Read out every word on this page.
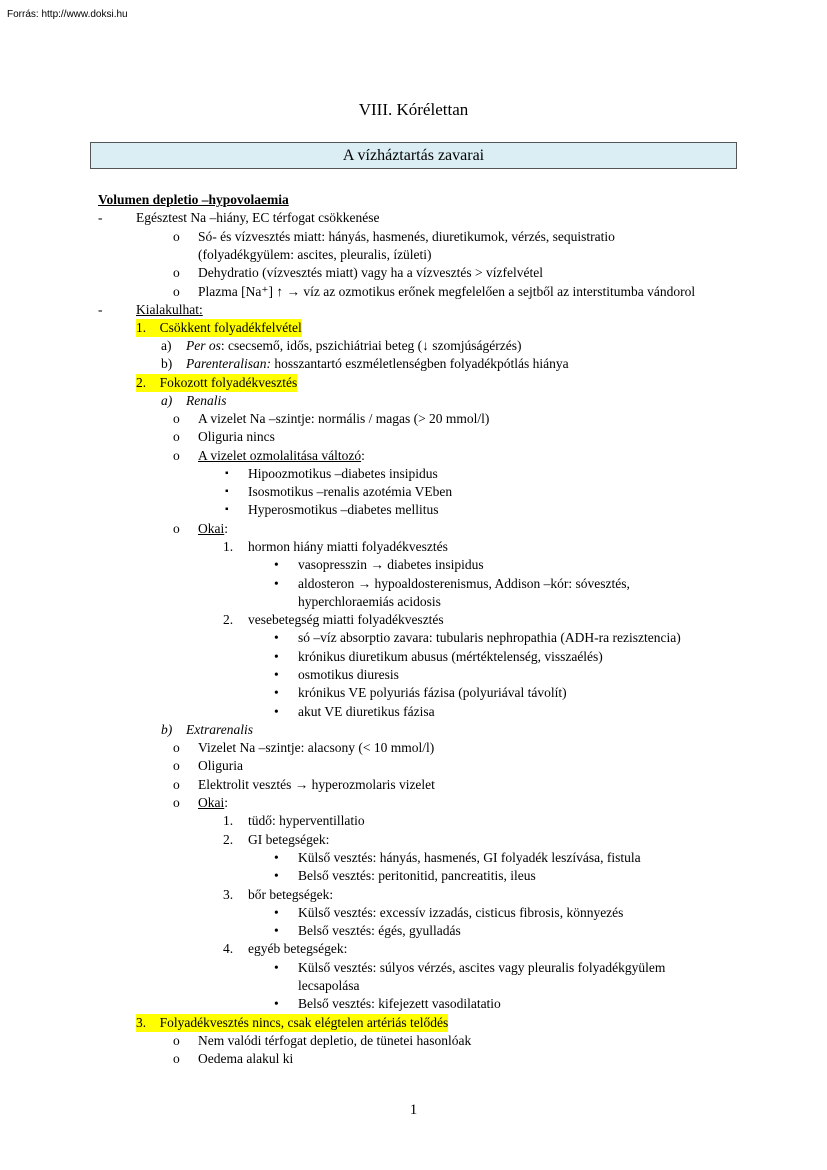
Forrás: http://www.doksi.hu
VIII. Kórélettan
A vízháztartás zavarai
Volumen depletio –hypovolaemia
- Egésztest Na –hiány, EC térfogat csökkenése
o Só- és vízvesztés miatt: hányás, hasmenés, diuretikumok, vérzés, sequistratio
(folyadékgyülem: ascites, pleuralis, ízületi)
o Dehydratio (vízvesztés miatt) vagy ha a vízvesztés > vízfelvétel
o Plazma [Na⁺] ↑ → víz az ozmotikus erőnek megfelelően a sejtből az interstitumba vándorol
- Kialakulhat:
1.    Csökkent folyadékfelvétel
a) Per os: csecsemő, idős, pszichiátriai beteg (↓ szomjúságérzés)
b) Parenteralisan: hosszantartó eszméletlenségben folyadékpótlás hiánya
2.    Fokozott folyadékvesztés
a) Renalis
o A vizelet Na –szintje: normális / magas (> 20 mmol/l)
o Oliguria nincs
o A vizelet ozmolalitása változó:
▪ Hipoozmotikus –diabetes insipidus
▪ Isosmotikus –renalis azotémia VEben
▪ Hyperosmotikus –diabetes mellitus
o Okai:
1. hormon hiány miatti folyadékvesztés
• vasopresszin → diabetes insipidus
• aldosteron → hypoaldosterenismus, Addison –kór: sóvesztés,
hyperchloraemiás acidosis
2. vesebetegség miatti folyadékvesztés
• só –víz absorptio zavara: tubularis nephropathia (ADH-ra rezisztencia)
• krónikus diuretikum abusus (mértéktelenség, visszaélés)
• osmotikus diuresis
• krónikus VE polyuriás fázisa (polyuriával távolít)
• akut VE diuretikus fázisa
b) Extrarenalis
o Vizelet Na –szintje: alacsony (< 10 mmol/l)
o Oliguria
o Elektrolit vesztés → hyperozmolaris vizelet
o Okai:
1. tüdő: hyperventillatio
2. GI betegségek:
• Külső vesztés: hányás, hasmenés, GI folyadék leszívása, fistula
• Belső vesztés: peritonitid, pancreatitis, ileus
3. bőr betegségek:
• Külső vesztés: excessív izzadás, cisticus fibrosis, könnyezés
• Belső vesztés: égés, gyulladás
4. egyéb betegségek:
• Külső vesztés: súlyos vérzés, ascites vagy pleuralis folyadékgyülem
lecsapolása
• Belső vesztés: kifejezett vasodilatatio
3.    Folyadékvesztés nincs, csak elégtelen artériás telődés
o Nem valódi térfogat depletio, de tünetei hasonlóak
o Oedema alakul ki
1
